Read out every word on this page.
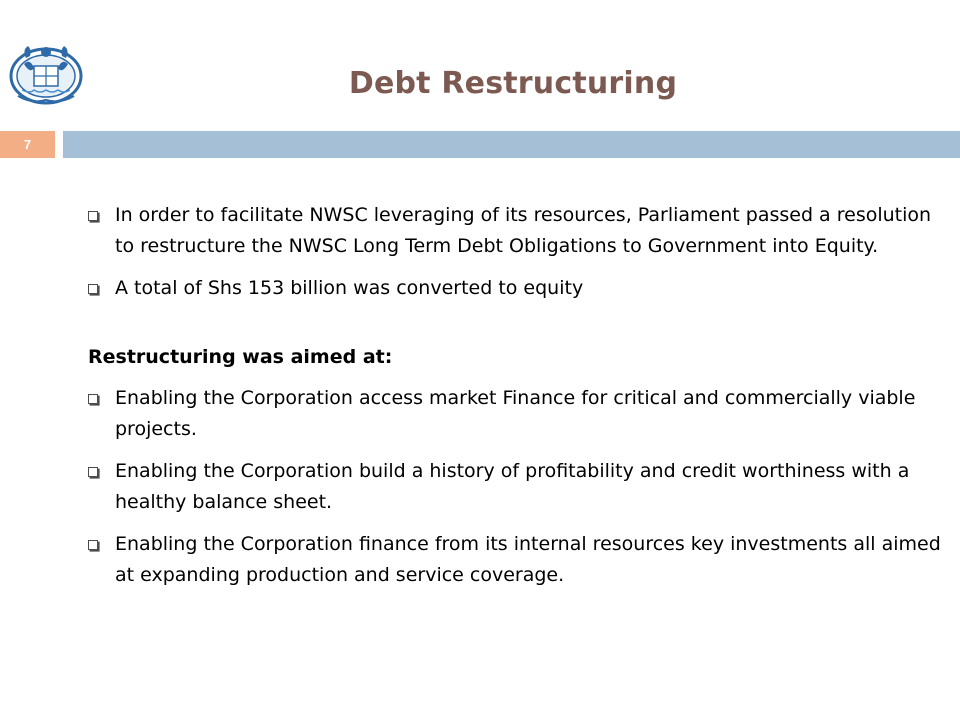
Debt Restructuring
7
In order to facilitate NWSC leveraging of its resources, Parliament passed a resolution to restructure the NWSC Long Term Debt Obligations to Government into Equity.
A total of Shs 153 billion was converted to equity
Restructuring was aimed at:
Enabling the Corporation access market Finance for critical and commercially viable projects.
Enabling the Corporation build a history of profitability and credit worthiness with a healthy balance sheet.
Enabling the Corporation finance from its internal resources key investments all aimed at expanding production and service coverage.
